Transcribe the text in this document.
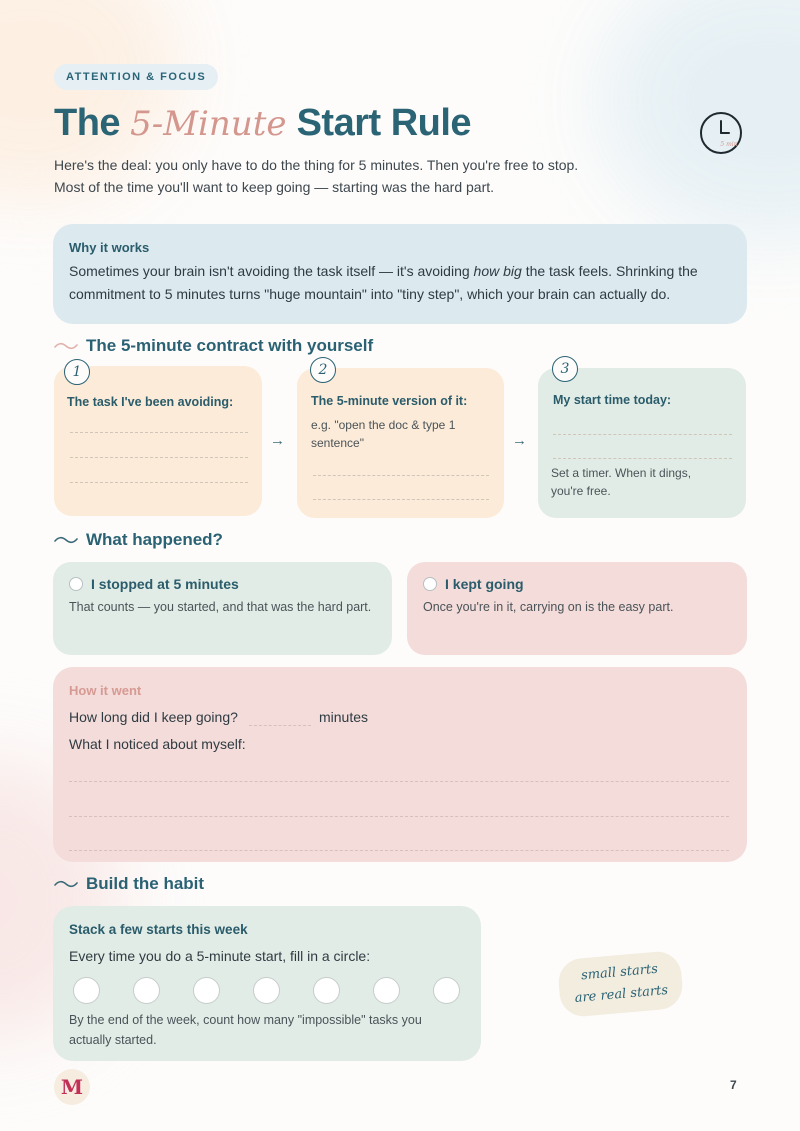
ATTENTION & FOCUS
The 5-Minute Start Rule
5 min
Here's the deal: you only have to do the thing for 5 minutes. Then you're free to stop. Most of the time you'll want to keep going — starting was the hard part.
Why it works
Sometimes your brain isn't avoiding the task itself — it's avoiding how big the task feels. Shrinking the commitment to 5 minutes turns "huge mountain" into "tiny step", which your brain can actually do.
The 5-minute contract with yourself
1
The task I've been avoiding:
→
2
The 5-minute version of it:
e.g. "open the doc & type 1 sentence"	→
3
My start time today:
Set a timer. When it dings, you're free.
What happened?
I stopped at 5 minutes
That counts — you started, and that was the hard part.
I kept going
Once you're in it, carrying on is the easy part.
How it went
How long did I keep going?	minutes
What I noticed about myself:
Build the habit
Stack a few starts this week
Every time you do a 5-minute start, fill in a circle:
By the end of the week, count how many "impossible" tasks you actually started.
small starts
are real starts
M	7
